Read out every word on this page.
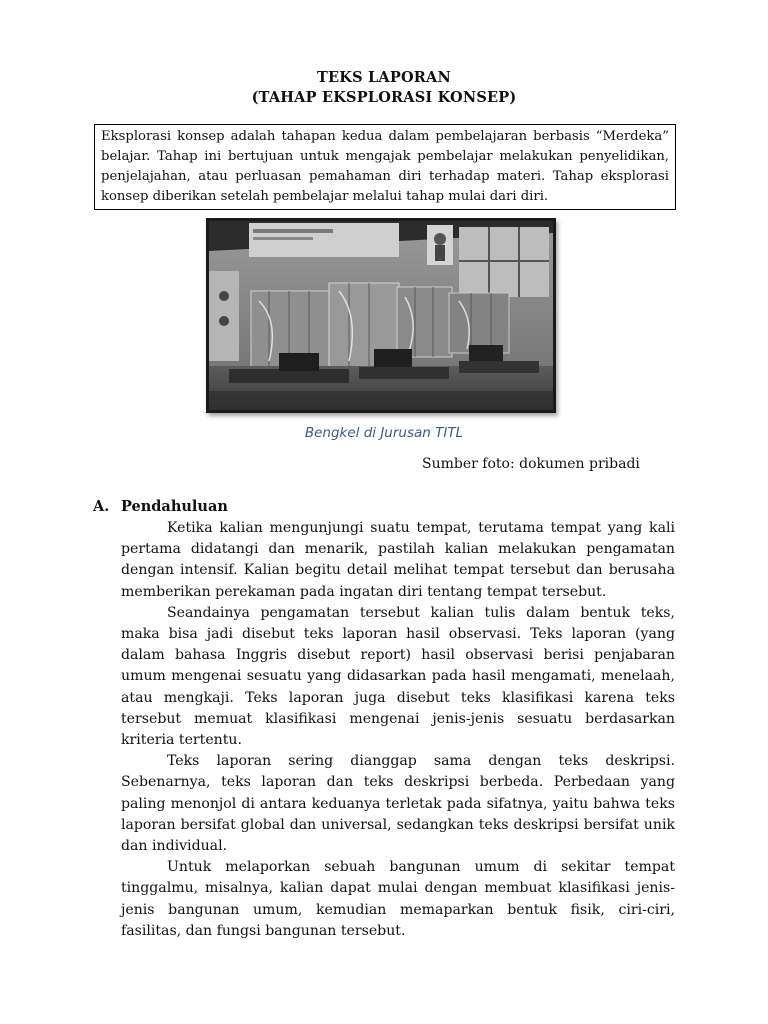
TEKS LAPORAN
(TAHAP EKSPLORASI KONSEP)

Eksplorasi konsep adalah tahapan kedua dalam pembelajaran berbasis “Merdeka” belajar. Tahap ini bertujuan untuk mengajak pembelajar melakukan penyelidikan, penjelajahan, atau perluasan pemahaman diri terhadap materi. Tahap eksplorasi konsep diberikan setelah pembelajar melalui tahap mulai dari diri.

Bengkel di Jurusan TITL
Sumber foto: dokumen pribadi
A. Pendahuluan

Ketika kalian mengunjungi suatu tempat, terutama tempat yang kali pertama didatangi dan menarik, pastilah kalian melakukan pengamatan dengan intensif. Kalian begitu detail melihat tempat tersebut dan berusaha memberikan perekaman pada ingatan diri tentang tempat tersebut.

Seandainya pengamatan tersebut kalian tulis dalam bentuk teks, maka bisa jadi disebut teks laporan hasil observasi. Teks laporan (yang dalam bahasa Inggris disebut report) hasil observasi berisi penjabaran umum mengenai sesuatu yang didasarkan pada hasil mengamati, menelaah, atau mengkaji. Teks laporan juga disebut teks klasifikasi karena teks tersebut memuat klasifikasi mengenai jenis-jenis sesuatu berdasarkan kriteria tertentu.

Teks laporan sering dianggap sama dengan teks deskripsi. Sebenarnya, teks laporan dan teks deskripsi berbeda. Perbedaan yang paling menonjol di antara keduanya terletak pada sifatnya, yaitu bahwa teks laporan bersifat global dan universal, sedangkan teks deskripsi bersifat unik dan individual.

Untuk melaporkan sebuah bangunan umum di sekitar tempat tinggalmu, misalnya, kalian dapat mulai dengan membuat klasifikasi jenis-jenis bangunan umum, kemudian memaparkan bentuk fisik, ciri-ciri, fasilitas, dan fungsi bangunan tersebut.
